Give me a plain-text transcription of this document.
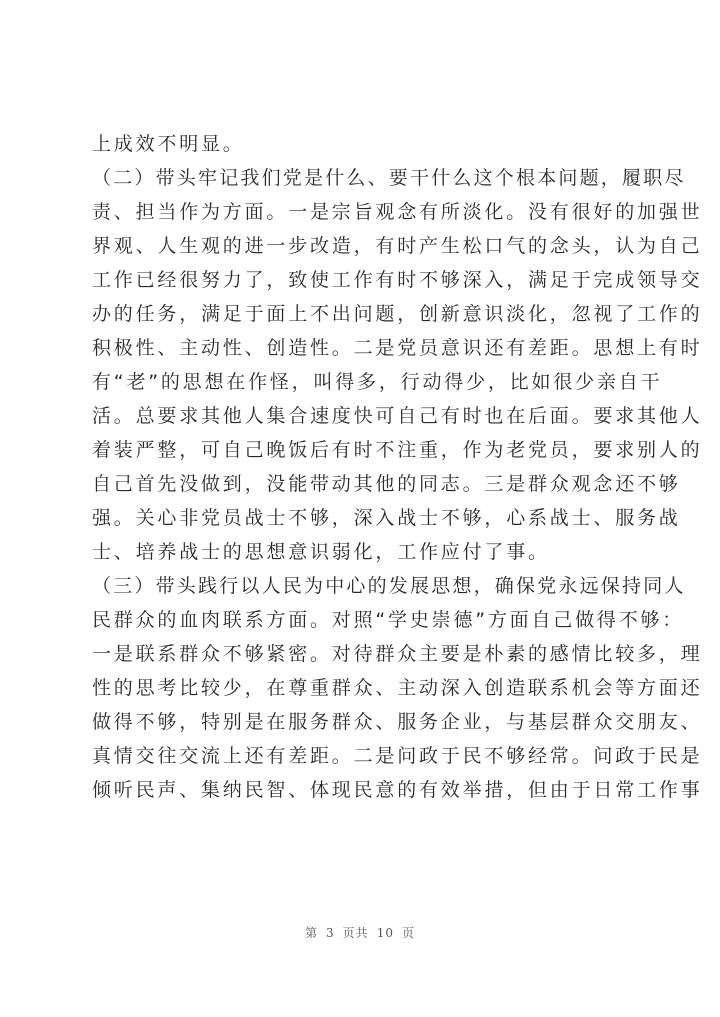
上成效不明显。
（二）带头牢记我们党是什么、要干什么这个根本问题，履职尽
责、担当作为方面。一是宗旨观念有所淡化。没有很好的加强世
界观、人生观的进一步改造，有时产生松口气的念头，认为自己
工作已经很努力了，致使工作有时不够深入，满足于完成领导交
办的任务，满足于面上不出问题，创新意识淡化，忽视了工作的
积极性、主动性、创造性。二是党员意识还有差距。思想上有时
有“老”的思想在作怪，叫得多，行动得少，比如很少亲自干
活。总要求其他人集合速度快可自己有时也在后面。要求其他人
着装严整，可自己晚饭后有时不注重，作为老党员，要求别人的
自己首先没做到，没能带动其他的同志。三是群众观念还不够
强。关心非党员战士不够，深入战士不够，心系战士、服务战
士、培养战士的思想意识弱化，工作应付了事。
（三）带头践行以人民为中心的发展思想，确保党永远保持同人
民群众的血肉联系方面。对照“学史崇德”方面自己做得不够：
一是联系群众不够紧密。对待群众主要是朴素的感情比较多，理
性的思考比较少，在尊重群众、主动深入创造联系机会等方面还
做得不够，特别是在服务群众、服务企业，与基层群众交朋友、
真情交往交流上还有差距。二是问政于民不够经常。问政于民是
倾听民声、集纳民智、体现民意的有效举措，但由于日常工作事
第 3 页共 10 页
